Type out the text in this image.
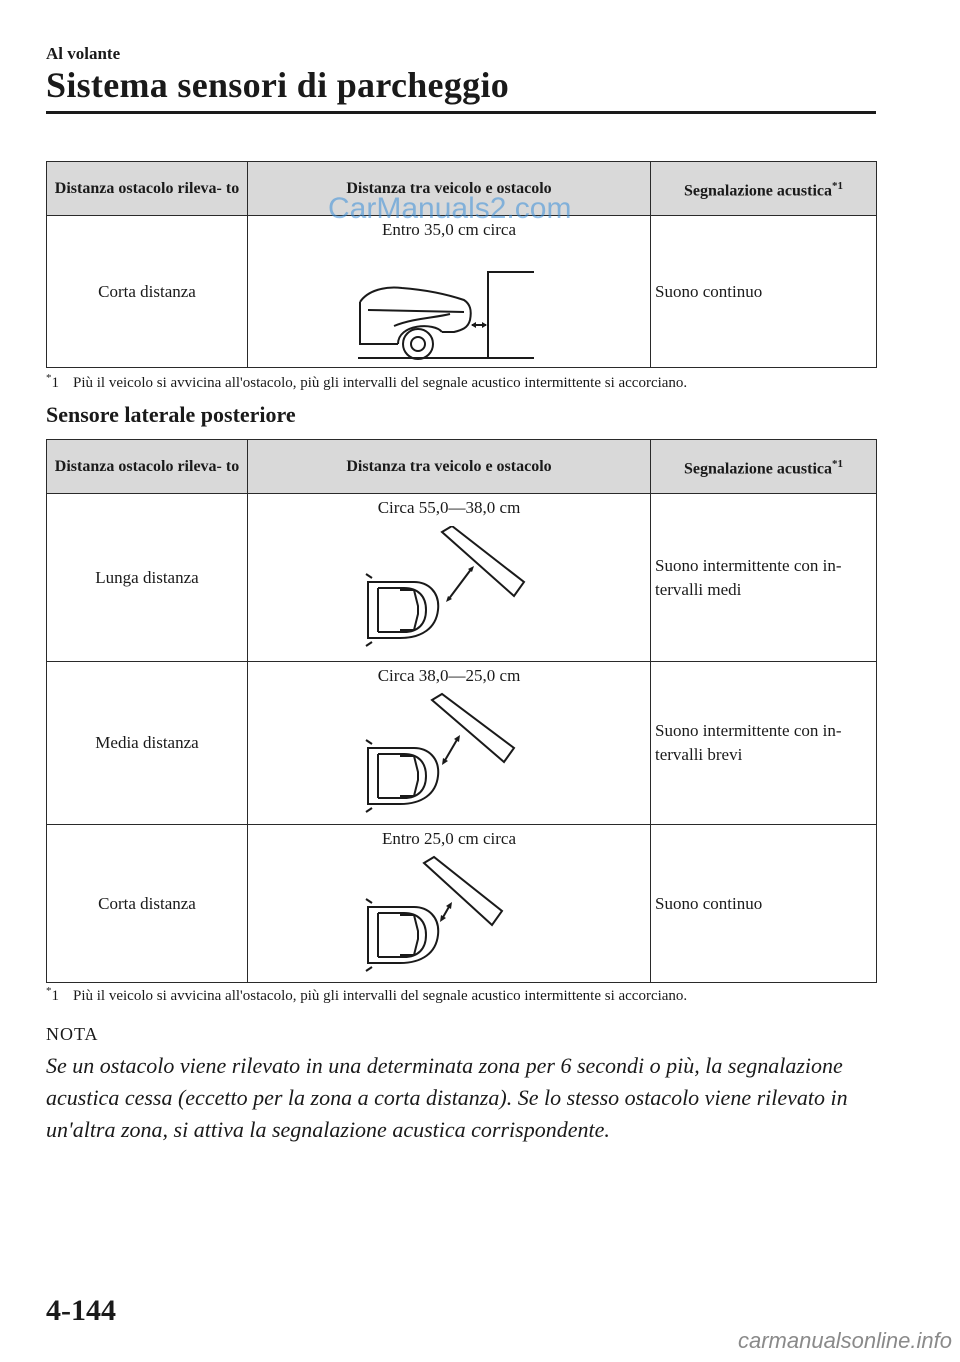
Al volante
Sistema sensori di parcheggio
Distanza ostacolo rileva- to	Distanza tra veicolo e ostacolo	Segnalazione acustica$^{*1}$
Corta distanza	Entro 35,0 cm circa	Suono continuo
*1 Più il veicolo si avvicina all'ostacolo, più gli intervalli del segnale acustico intermittente si accorciano.
Sensore laterale posteriore
Distanza ostacolo rileva- to	Distanza tra veicolo e ostacolo	Segnalazione acustica$^{*1}$
Lunga distanza	Circa 55,0—38,0 cm	Suono intermittente con in- tervalli medi
Media distanza	Circa 38,0—25,0 cm	Suono intermittente con in- tervalli brevi
Corta distanza	Entro 25,0 cm circa	Suono continuo
*1 Più il veicolo si avvicina all'ostacolo, più gli intervalli del segnale acustico intermittente si accorciano.
NOTA
Se un ostacolo viene rilevato in una determinata zona per 6 secondi o più, la segnalazione acustica cessa (eccetto per la zona a corta distanza). Se lo stesso ostacolo viene rilevato in un'altra zona, si attiva la segnalazione acustica corrispondente.
4-144
CarManuals2.com
carmanualsonline.info
